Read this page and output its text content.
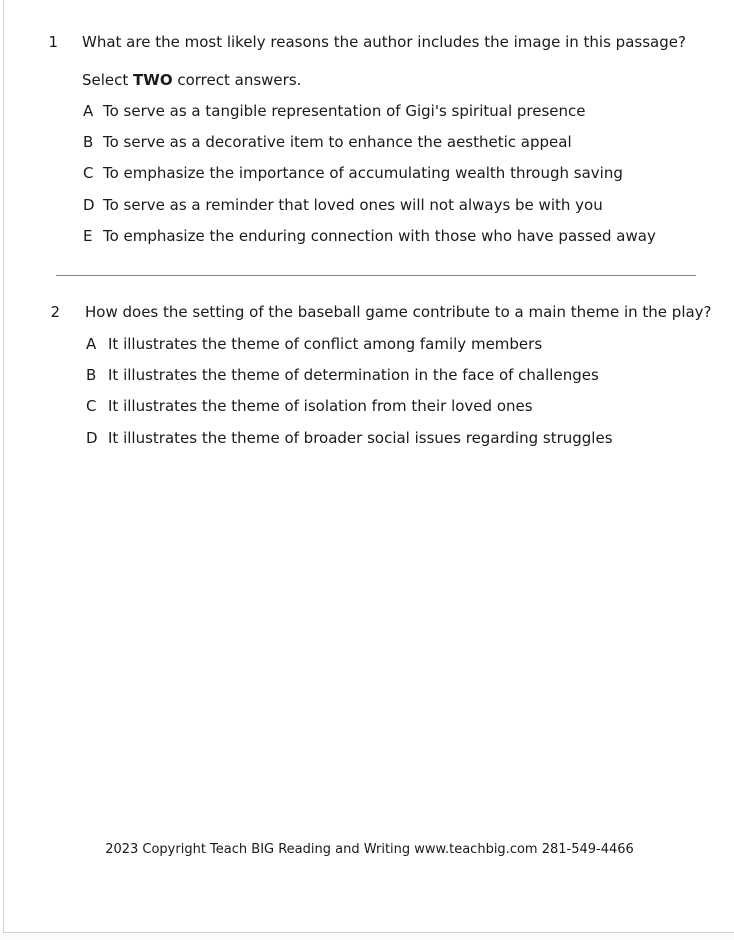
1 What are the most likely reasons the author includes the image in this passage?
Select TWO correct answers.
A To serve as a tangible representation of Gigi's spiritual presence
B To serve as a decorative item to enhance the aesthetic appeal
C To emphasize the importance of accumulating wealth through saving
D To serve as a reminder that loved ones will not always be with you
E To emphasize the enduring connection with those who have passed away
2 How does the setting of the baseball game contribute to a main theme in the play?
A It illustrates the theme of conflict among family members
B It illustrates the theme of determination in the face of challenges
C It illustrates the theme of isolation from their loved ones
D It illustrates the theme of broader social issues regarding struggles
2023 Copyright Teach BIG Reading and Writing www.teachbig.com 281-549-4466
